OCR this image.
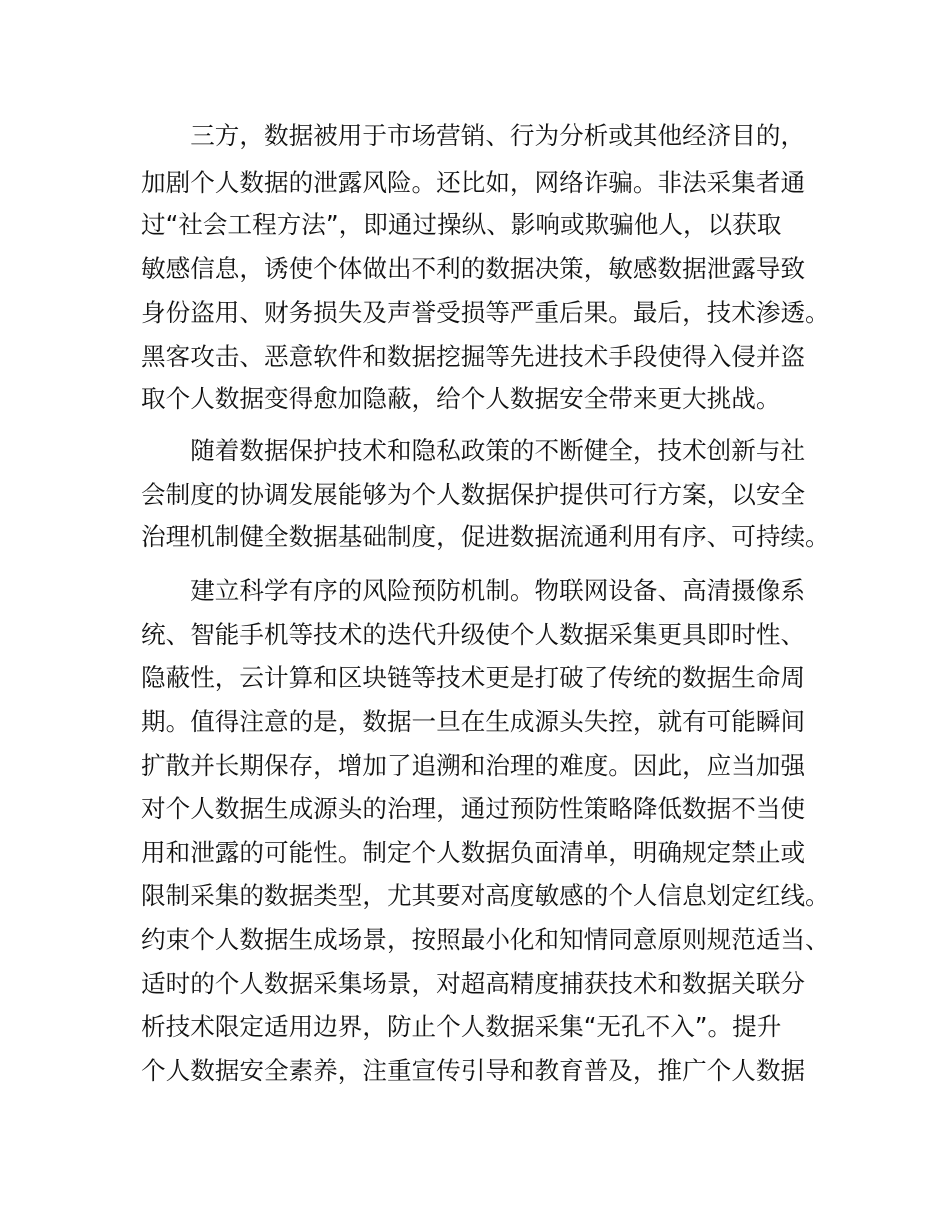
　　三方，数据被用于市场营销、行为分析或其他经济目的，
加剧个人数据的泄露风险。还比如，网络诈骗。非法采集者通
过“社会工程方法”，即通过操纵、影响或欺骗他人，以获取
敏感信息，诱使个体做出不利的数据决策，敏感数据泄露导致
身份盗用、财务损失及声誉受损等严重后果。最后，技术渗透。
黑客攻击、恶意软件和数据挖掘等先进技术手段使得入侵并盗
取个人数据变得愈加隐蔽，给个人数据安全带来更大挑战。
　　随着数据保护技术和隐私政策的不断健全，技术创新与社
会制度的协调发展能够为个人数据保护提供可行方案，以安全
治理机制健全数据基础制度，促进数据流通利用有序、可持续。
　　建立科学有序的风险预防机制。物联网设备、高清摄像系
统、智能手机等技术的迭代升级使个人数据采集更具即时性、
隐蔽性，云计算和区块链等技术更是打破了传统的数据生命周
期。值得注意的是，数据一旦在生成源头失控，就有可能瞬间
扩散并长期保存，增加了追溯和治理的难度。因此，应当加强
对个人数据生成源头的治理，通过预防性策略降低数据不当使
用和泄露的可能性。制定个人数据负面清单，明确规定禁止或
限制采集的数据类型，尤其要对高度敏感的个人信息划定红线。
约束个人数据生成场景，按照最小化和知情同意原则规范适当、
适时的个人数据采集场景，对超高精度捕获技术和数据关联分
析技术限定适用边界，防止个人数据采集“无孔不入”。提升
个人数据安全素养，注重宣传引导和教育普及，推广个人数据
